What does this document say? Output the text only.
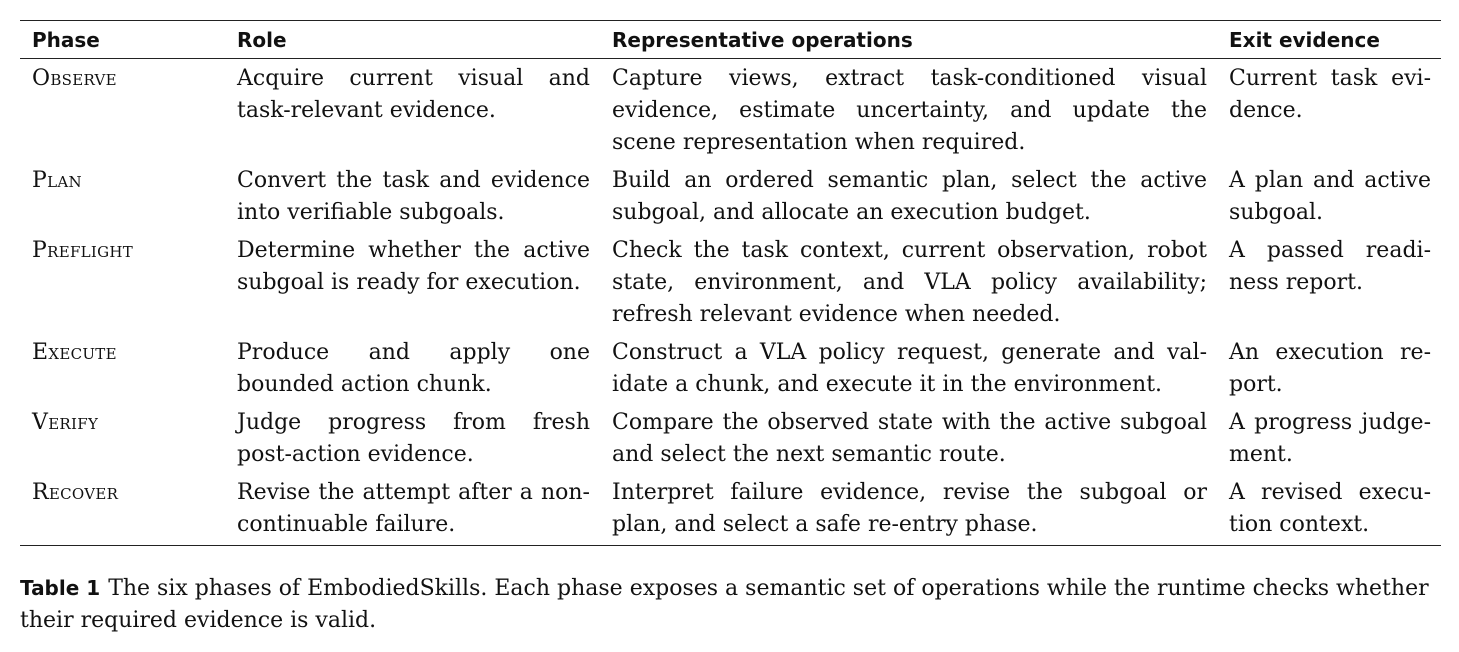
Phase	Role	Representative operations	Exit evidence
Observe	Acquire current visual and task-relevant evidence.	Capture views, extract task-conditioned visual evidence, estimate uncertainty, and update the scene representation when required.	Current task evidence.
Plan	Convert the task and evidence into verifiable subgoals.	Build an ordered semantic plan, select the active subgoal, and allocate an execution budget.	A plan and active subgoal.
Preflight	Determine whether the active subgoal is ready for execution.	Check the task context, current observation, robot state, environment, and VLA policy availability; refresh relevant evidence when needed.	A passed readiness report.
Execute	Produce and apply one bounded action chunk.	Construct a VLA policy request, generate and validate a chunk, and execute it in the environment.	An execution report.
Verify	Judge progress from fresh post-action evidence.	Compare the observed state with the active subgoal and select the next semantic route.	A progress judgement.
Recover	Revise the attempt after a non-continuable failure.	Interpret failure evidence, revise the subgoal or plan, and select a safe re-entry phase.	A revised execution context.
Table 1 The six phases of EmbodiedSkills. Each phase exposes a semantic set of operations while the runtime checks whether their required evidence is valid.
